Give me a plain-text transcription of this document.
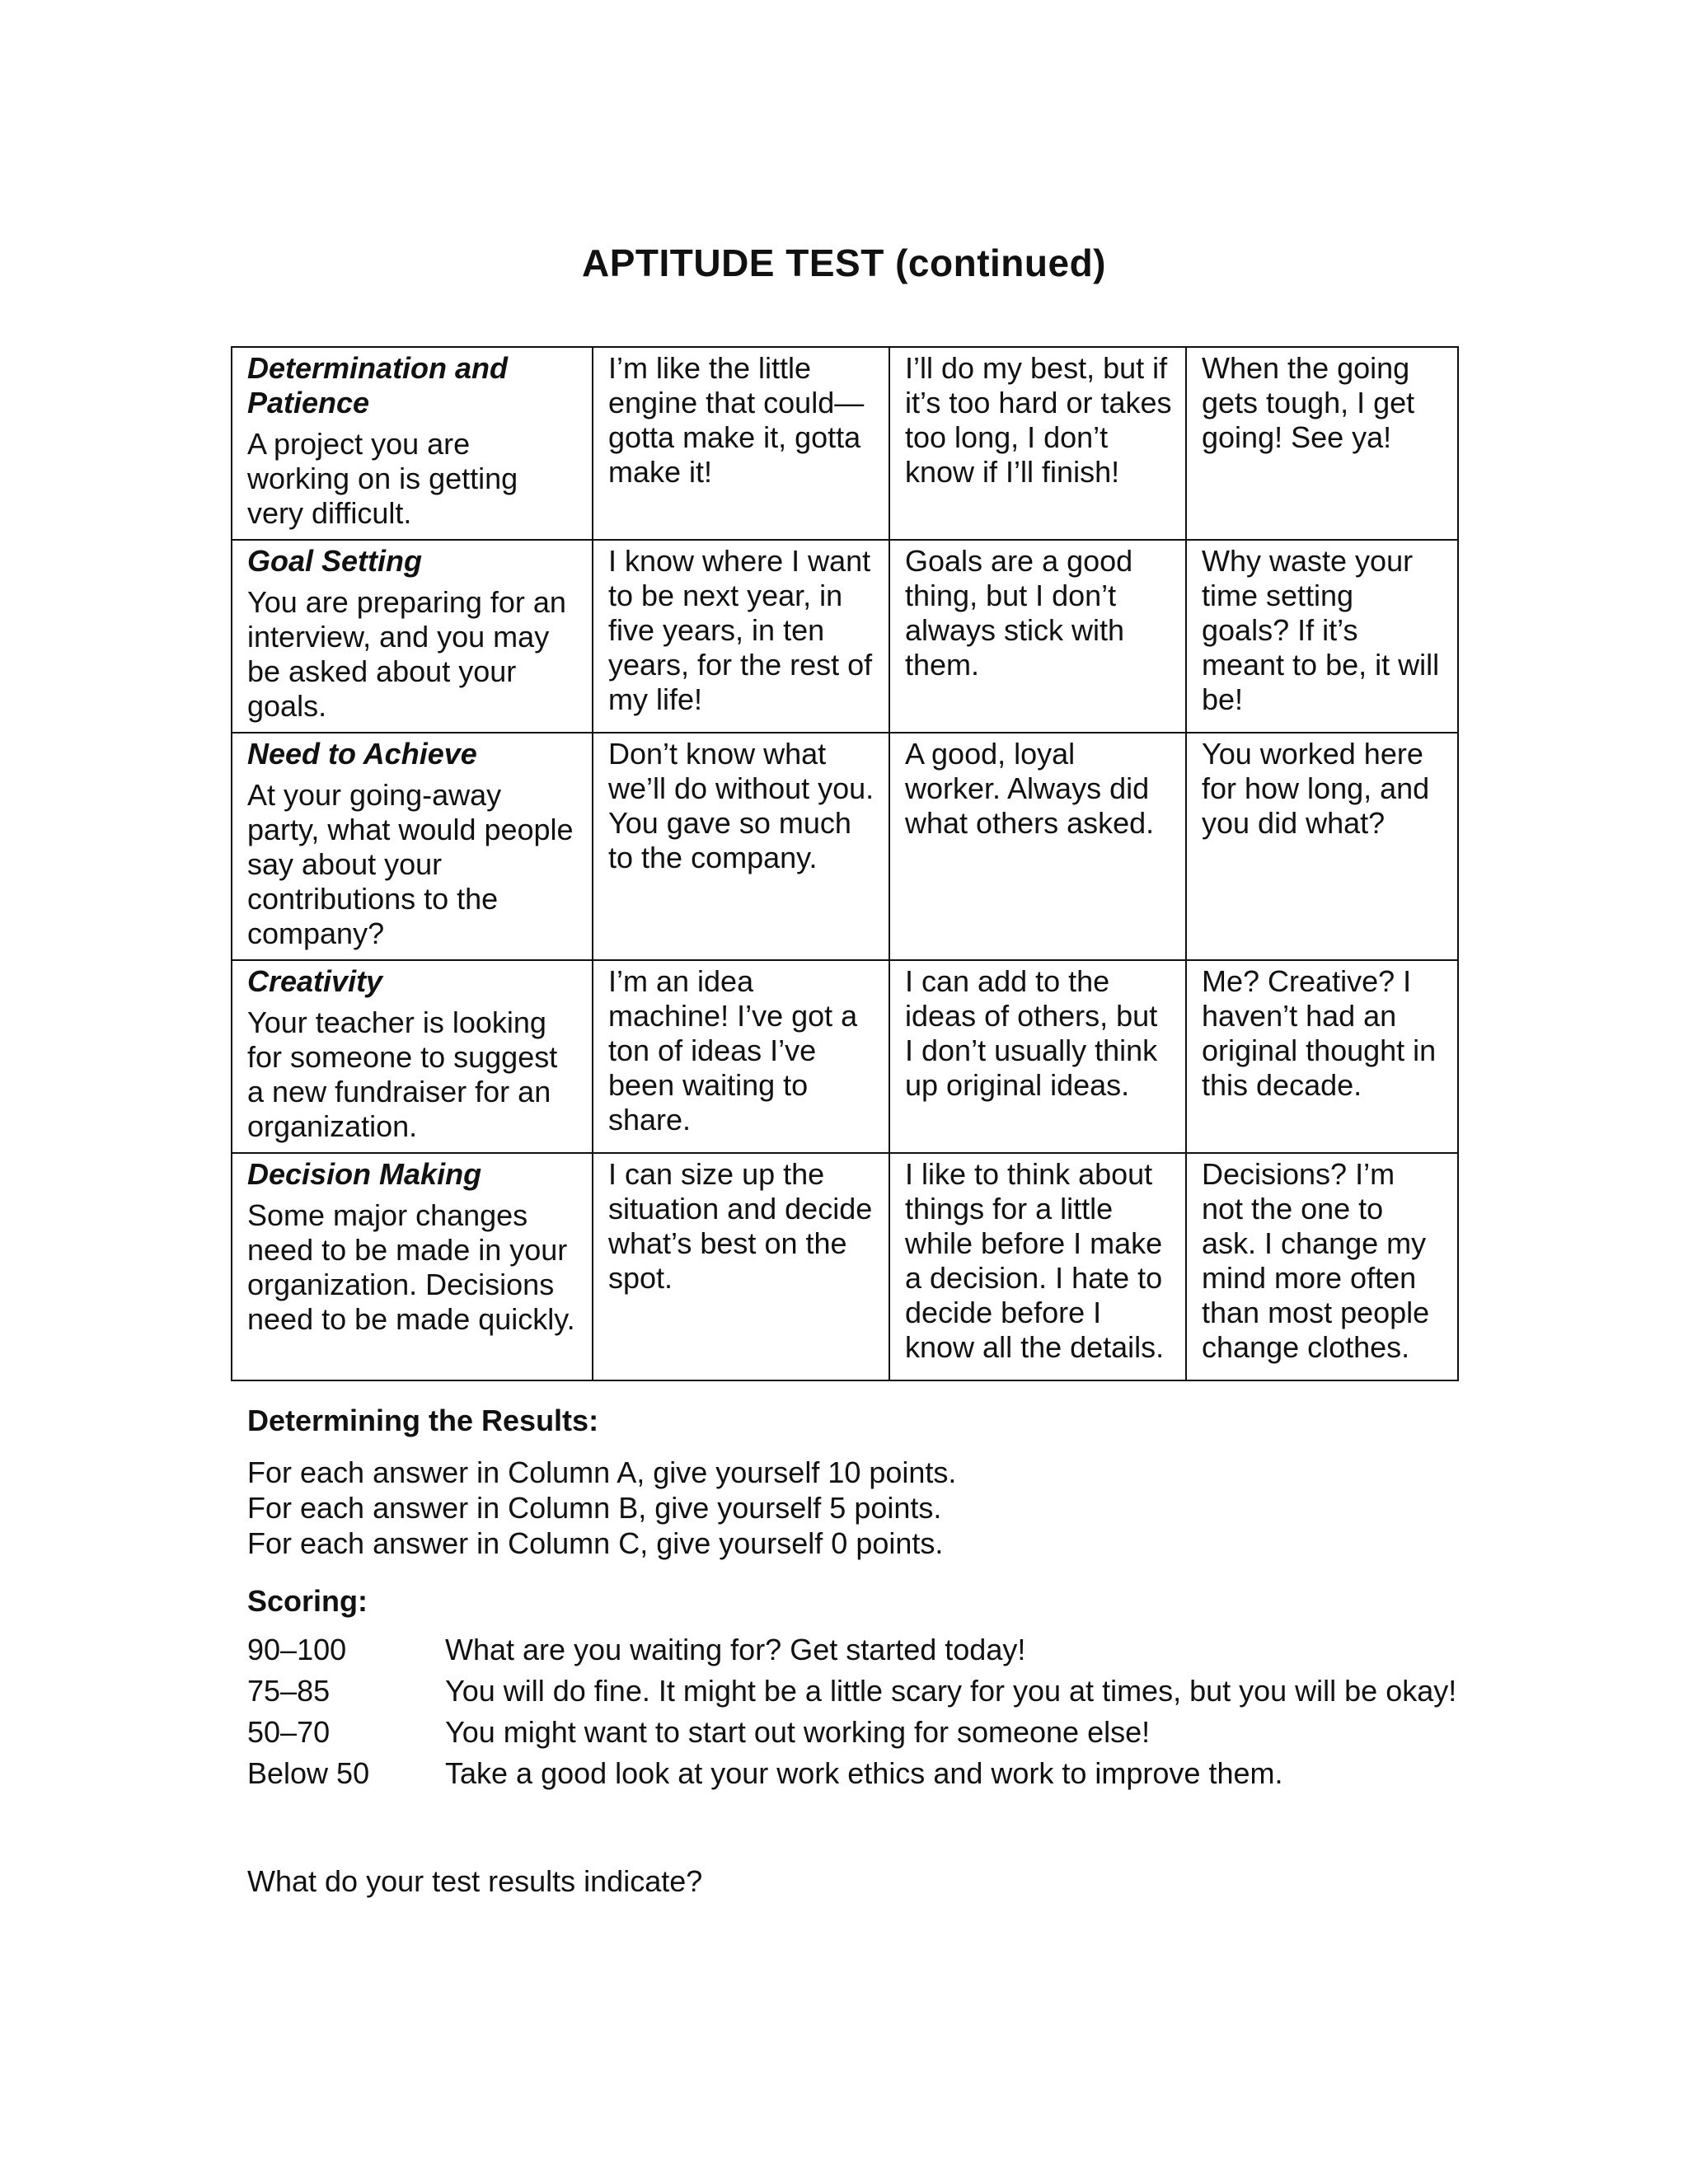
APTITUDE TEST (continued)
Determination and Patience
A project you are working on is getting very difficult.	I’m like the little engine that could—gotta make it, gotta make it!	I’ll do my best, but if it’s too hard or takes too long, I don’t know if I’ll finish!	When the going gets tough, I get going! See ya!

Goal Setting
You are preparing for an interview, and you may be asked about your goals.	I know where I want to be next year, in five years, in ten years, for the rest of my life!	Goals are a good thing, but I don’t always stick with them.	Why waste your time setting goals? If it’s meant to be, it will be!

Need to Achieve
At your going-away party, what would people say about your contributions to the company?	Don’t know what we’ll do without you. You gave so much to the company.	A good, loyal worker. Always did what others asked.	You worked here for how long, and you did what?

Creativity
Your teacher is looking for someone to suggest a new fundraiser for an organization.	I’m an idea machine! I’ve got a ton of ideas I’ve been waiting to share.	I can add to the ideas of others, but I don’t usually think up original ideas.	Me? Creative? I haven’t had an original thought in this decade.

Decision Making
Some major changes need to be made in your organization. Decisions need to be made quickly.	I can size up the situation and decide what’s best on the spot.	I like to think about things for a little while before I make a decision. I hate to decide before I know all the details.	Decisions? I’m not the one to ask. I change my mind more often than most people change clothes.
Determining the Results:
For each answer in Column A, give yourself 10 points.
For each answer in Column B, give yourself 5 points.
For each answer in Column C, give yourself 0 points.
Scoring:
90–100	What are you waiting for? Get started today!
75–85	You will do fine. It might be a little scary for you at times, but you will be okay!
50–70	You might want to start out working for someone else!
Below 50	Take a good look at your work ethics and work to improve them.
What do your test results indicate?
